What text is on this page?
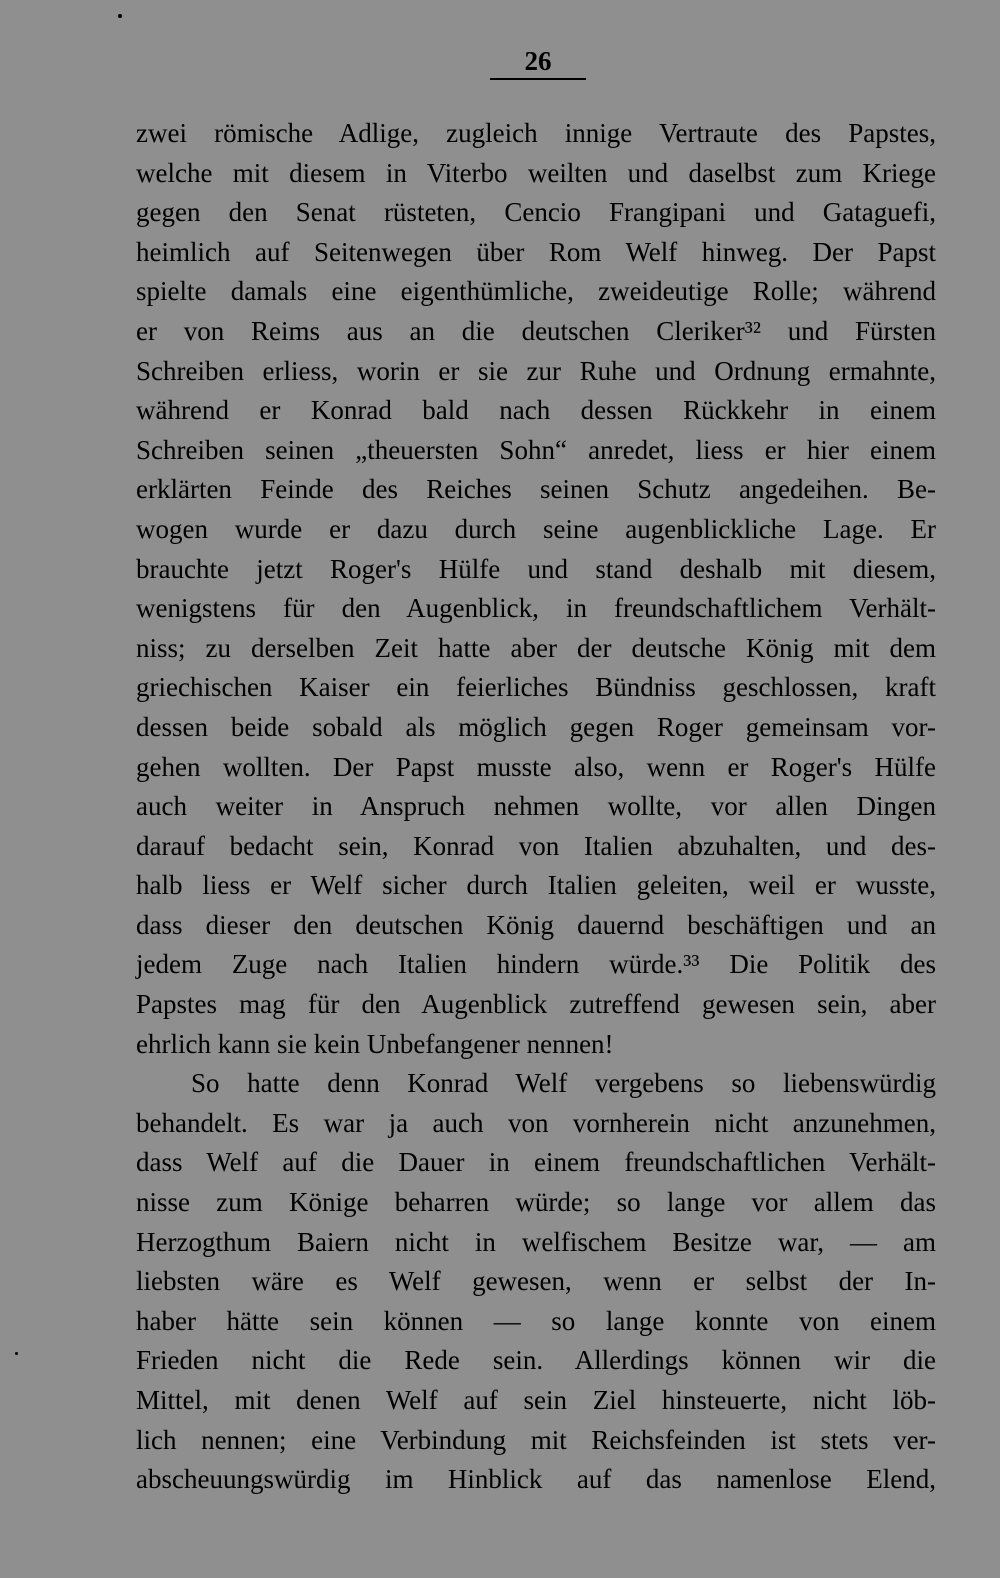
26
zwei römische Adlige, zugleich innige Vertraute des Papstes,
welche mit diesem in Viterbo weilten und daselbst zum Kriege
gegen den Senat rüsteten, Cencio Frangipani und Gataguefi,
heimlich auf Seitenwegen über Rom Welf hinweg. Der Papst
spielte damals eine eigenthümliche, zweideutige Rolle; während
er von Reims aus an die deutschen Cleriker³² und Fürsten
Schreiben erliess, worin er sie zur Ruhe und Ordnung ermahnte,
während er Konrad bald nach dessen Rückkehr in einem
Schreiben seinen „theuersten Sohn“ anredet, liess er hier einem
erklärten Feinde des Reiches seinen Schutz angedeihen. Be-
wogen wurde er dazu durch seine augenblickliche Lage. Er
brauchte jetzt Roger's Hülfe und stand deshalb mit diesem,
wenigstens für den Augenblick, in freundschaftlichem Verhält-
niss; zu derselben Zeit hatte aber der deutsche König mit dem
griechischen Kaiser ein feierliches Bündniss geschlossen, kraft
dessen beide sobald als möglich gegen Roger gemeinsam vor-
gehen wollten. Der Papst musste also, wenn er Roger's Hülfe
auch weiter in Anspruch nehmen wollte, vor allen Dingen
darauf bedacht sein, Konrad von Italien abzuhalten, und des-
halb liess er Welf sicher durch Italien geleiten, weil er wusste,
dass dieser den deutschen König dauernd beschäftigen und an
jedem Zuge nach Italien hindern würde.³³ Die Politik des
Papstes mag für den Augenblick zutreffend gewesen sein, aber
ehrlich kann sie kein Unbefangener nennen!
So hatte denn Konrad Welf vergebens so liebenswürdig
behandelt. Es war ja auch von vornherein nicht anzunehmen,
dass Welf auf die Dauer in einem freundschaftlichen Verhält-
nisse zum Könige beharren würde; so lange vor allem das
Herzogthum Baiern nicht in welfischem Besitze war, — am
liebsten wäre es Welf gewesen, wenn er selbst der In-
haber hätte sein können — so lange konnte von einem
Frieden nicht die Rede sein. Allerdings können wir die
Mittel, mit denen Welf auf sein Ziel hinsteuerte, nicht löb-
lich nennen; eine Verbindung mit Reichsfeinden ist stets ver-
abscheuungswürdig im Hinblick auf das namenlose Elend,
